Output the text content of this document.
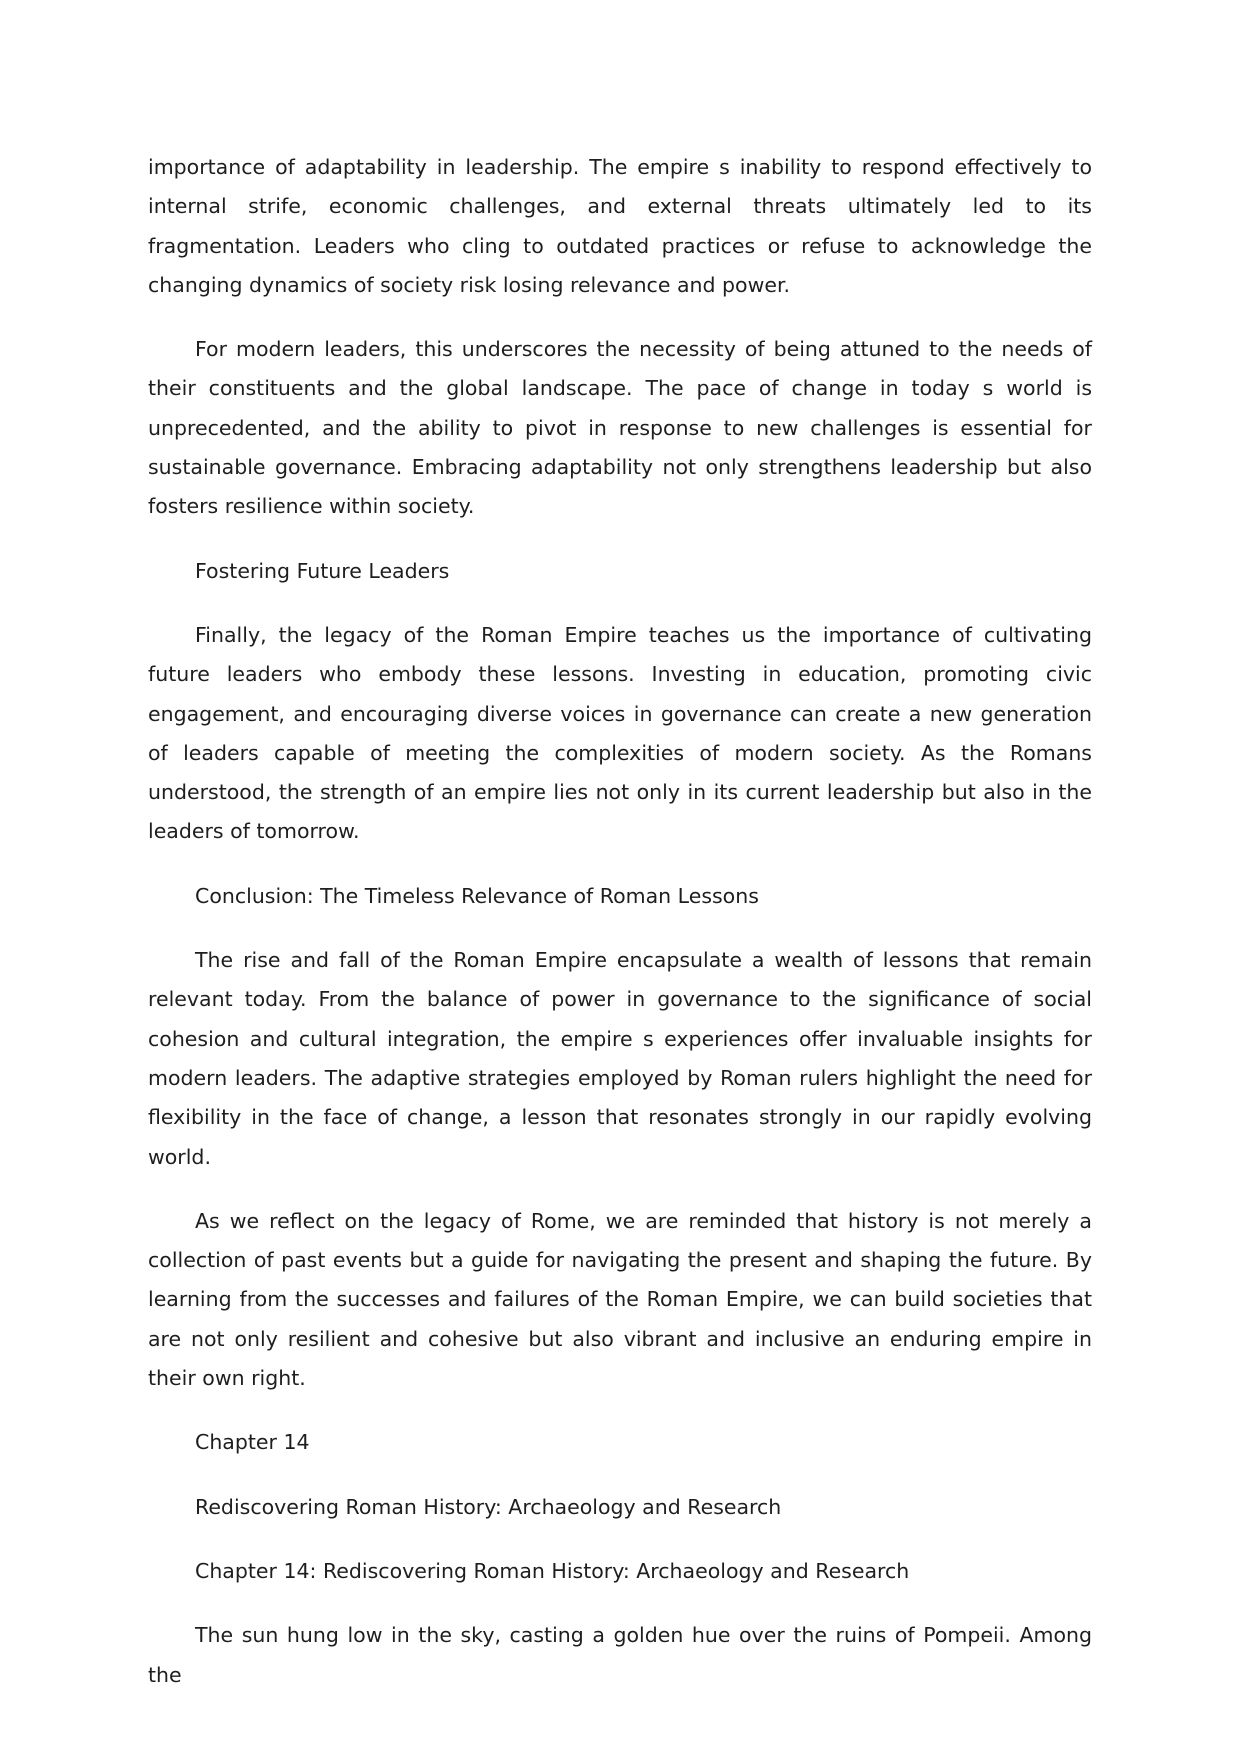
importance of adaptability in leadership. The empire s inability to respond effectively to internal strife, economic challenges, and external threats ultimately led to its fragmentation. Leaders who cling to outdated practices or refuse to acknowledge the changing dynamics of society risk losing relevance and power.

For modern leaders, this underscores the necessity of being attuned to the needs of their constituents and the global landscape. The pace of change in today s world is unprecedented, and the ability to pivot in response to new challenges is essential for sustainable governance. Embracing adaptability not only strengthens leadership but also fosters resilience within society.

Fostering Future Leaders

Finally, the legacy of the Roman Empire teaches us the importance of cultivating future leaders who embody these lessons. Investing in education, promoting civic engagement, and encouraging diverse voices in governance can create a new generation of leaders capable of meeting the complexities of modern society. As the Romans understood, the strength of an empire lies not only in its current leadership but also in the leaders of tomorrow.

Conclusion: The Timeless Relevance of Roman Lessons

The rise and fall of the Roman Empire encapsulate a wealth of lessons that remain relevant today. From the balance of power in governance to the significance of social cohesion and cultural integration, the empire s experiences offer invaluable insights for modern leaders. The adaptive strategies employed by Roman rulers highlight the need for flexibility in the face of change, a lesson that resonates strongly in our rapidly evolving world.

As we reflect on the legacy of Rome, we are reminded that history is not merely a collection of past events but a guide for navigating the present and shaping the future. By learning from the successes and failures of the Roman Empire, we can build societies that are not only resilient and cohesive but also vibrant and inclusive an enduring empire in their own right.

Chapter 14

Rediscovering Roman History: Archaeology and Research

Chapter 14: Rediscovering Roman History: Archaeology and Research

The sun hung low in the sky, casting a golden hue over the ruins of Pompeii. Among the
